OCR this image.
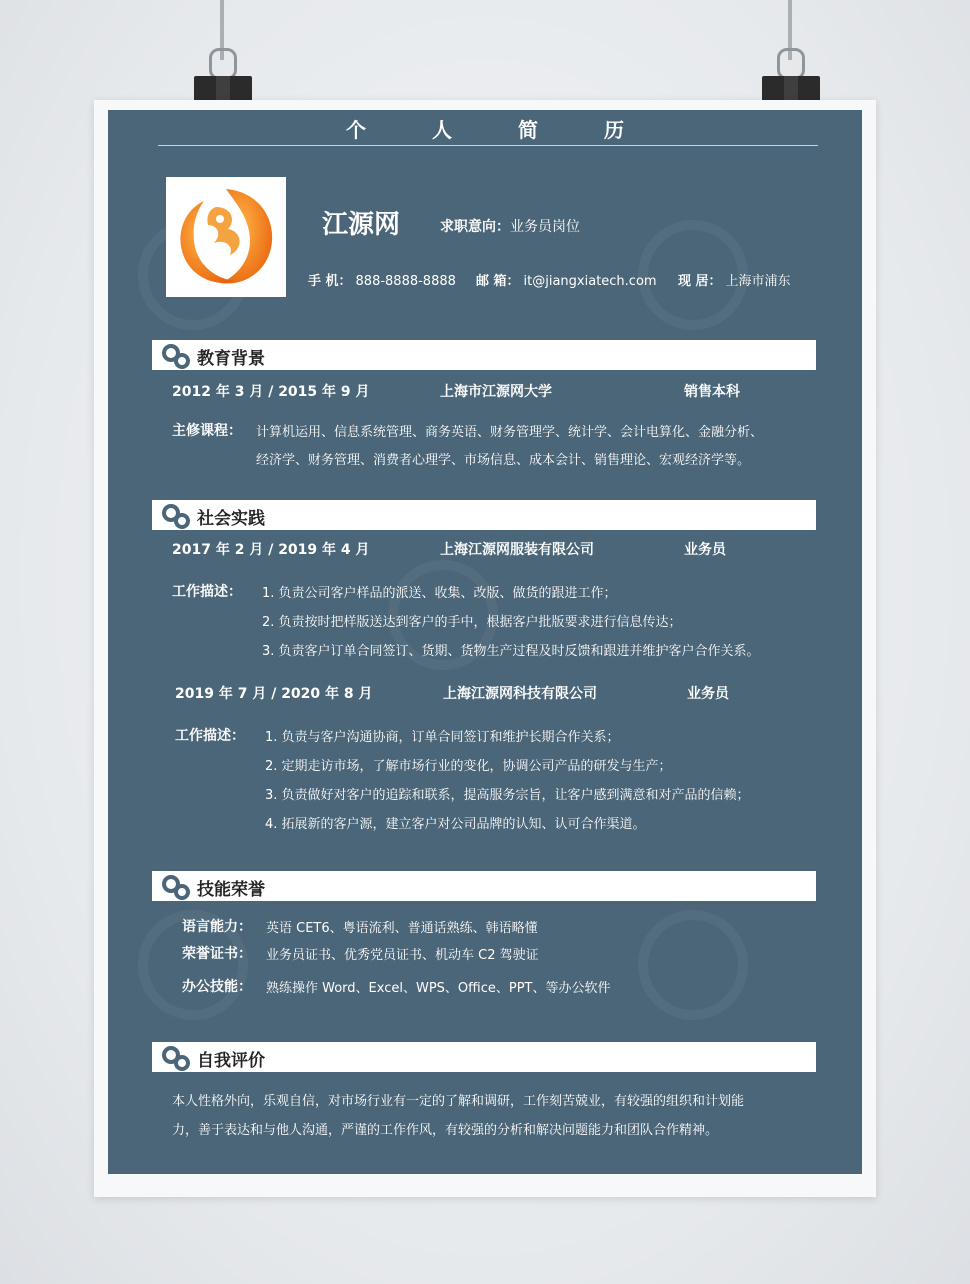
个人简历
江源网	求职意向：业务员岗位
手 机： 888-8888-8888 邮 箱： it@jiangxiatech.com 现 居： 上海市浦东
教育背景
2012 年 3 月 / 2015 年 9 月	上海市江源网大学	销售本科
主修课程： 计算机运用、信息系统管理、商务英语、财务管理学、统计学、会计电算化、金融分析、
经济学、财务管理、消费者心理学、市场信息、成本会计、销售理论、宏观经济学等。
社会实践
2017 年 2 月 / 2019 年 4 月	上海江源网服装有限公司	业务员
工作描述： 1. 负责公司客户样品的派送、收集、改版、做货的跟进工作；
2. 负责按时把样版送达到客户的手中，根据客户批版要求进行信息传达；
3. 负责客户订单合同签订、货期、货物生产过程及时反馈和跟进并维护客户合作关系。
2019 年 7 月 / 2020 年 8 月	上海江源网科技有限公司	业务员
工作描述： 1. 负责与客户沟通协商，订单合同签订和维护长期合作关系；
2. 定期走访市场，了解市场行业的变化，协调公司产品的研发与生产；
3. 负责做好对客户的追踪和联系，提高服务宗旨，让客户感到满意和对产品的信赖；
4. 拓展新的客户源，建立客户对公司品牌的认知、认可合作渠道。
技能荣誉
语言能力： 英语 CET6、粤语流利、普通话熟练、韩语略懂
荣誉证书： 业务员证书、优秀党员证书、机动车 C2 驾驶证
办公技能： 熟练操作 Word、Excel、WPS、Office、PPT、等办公软件
自我评价
本人性格外向，乐观自信，对市场行业有一定的了解和调研，工作刻苦兢业，有较强的组织和计划能
力，善于表达和与他人沟通，严谨的工作作风，有较强的分析和解决问题能力和团队合作精神。
